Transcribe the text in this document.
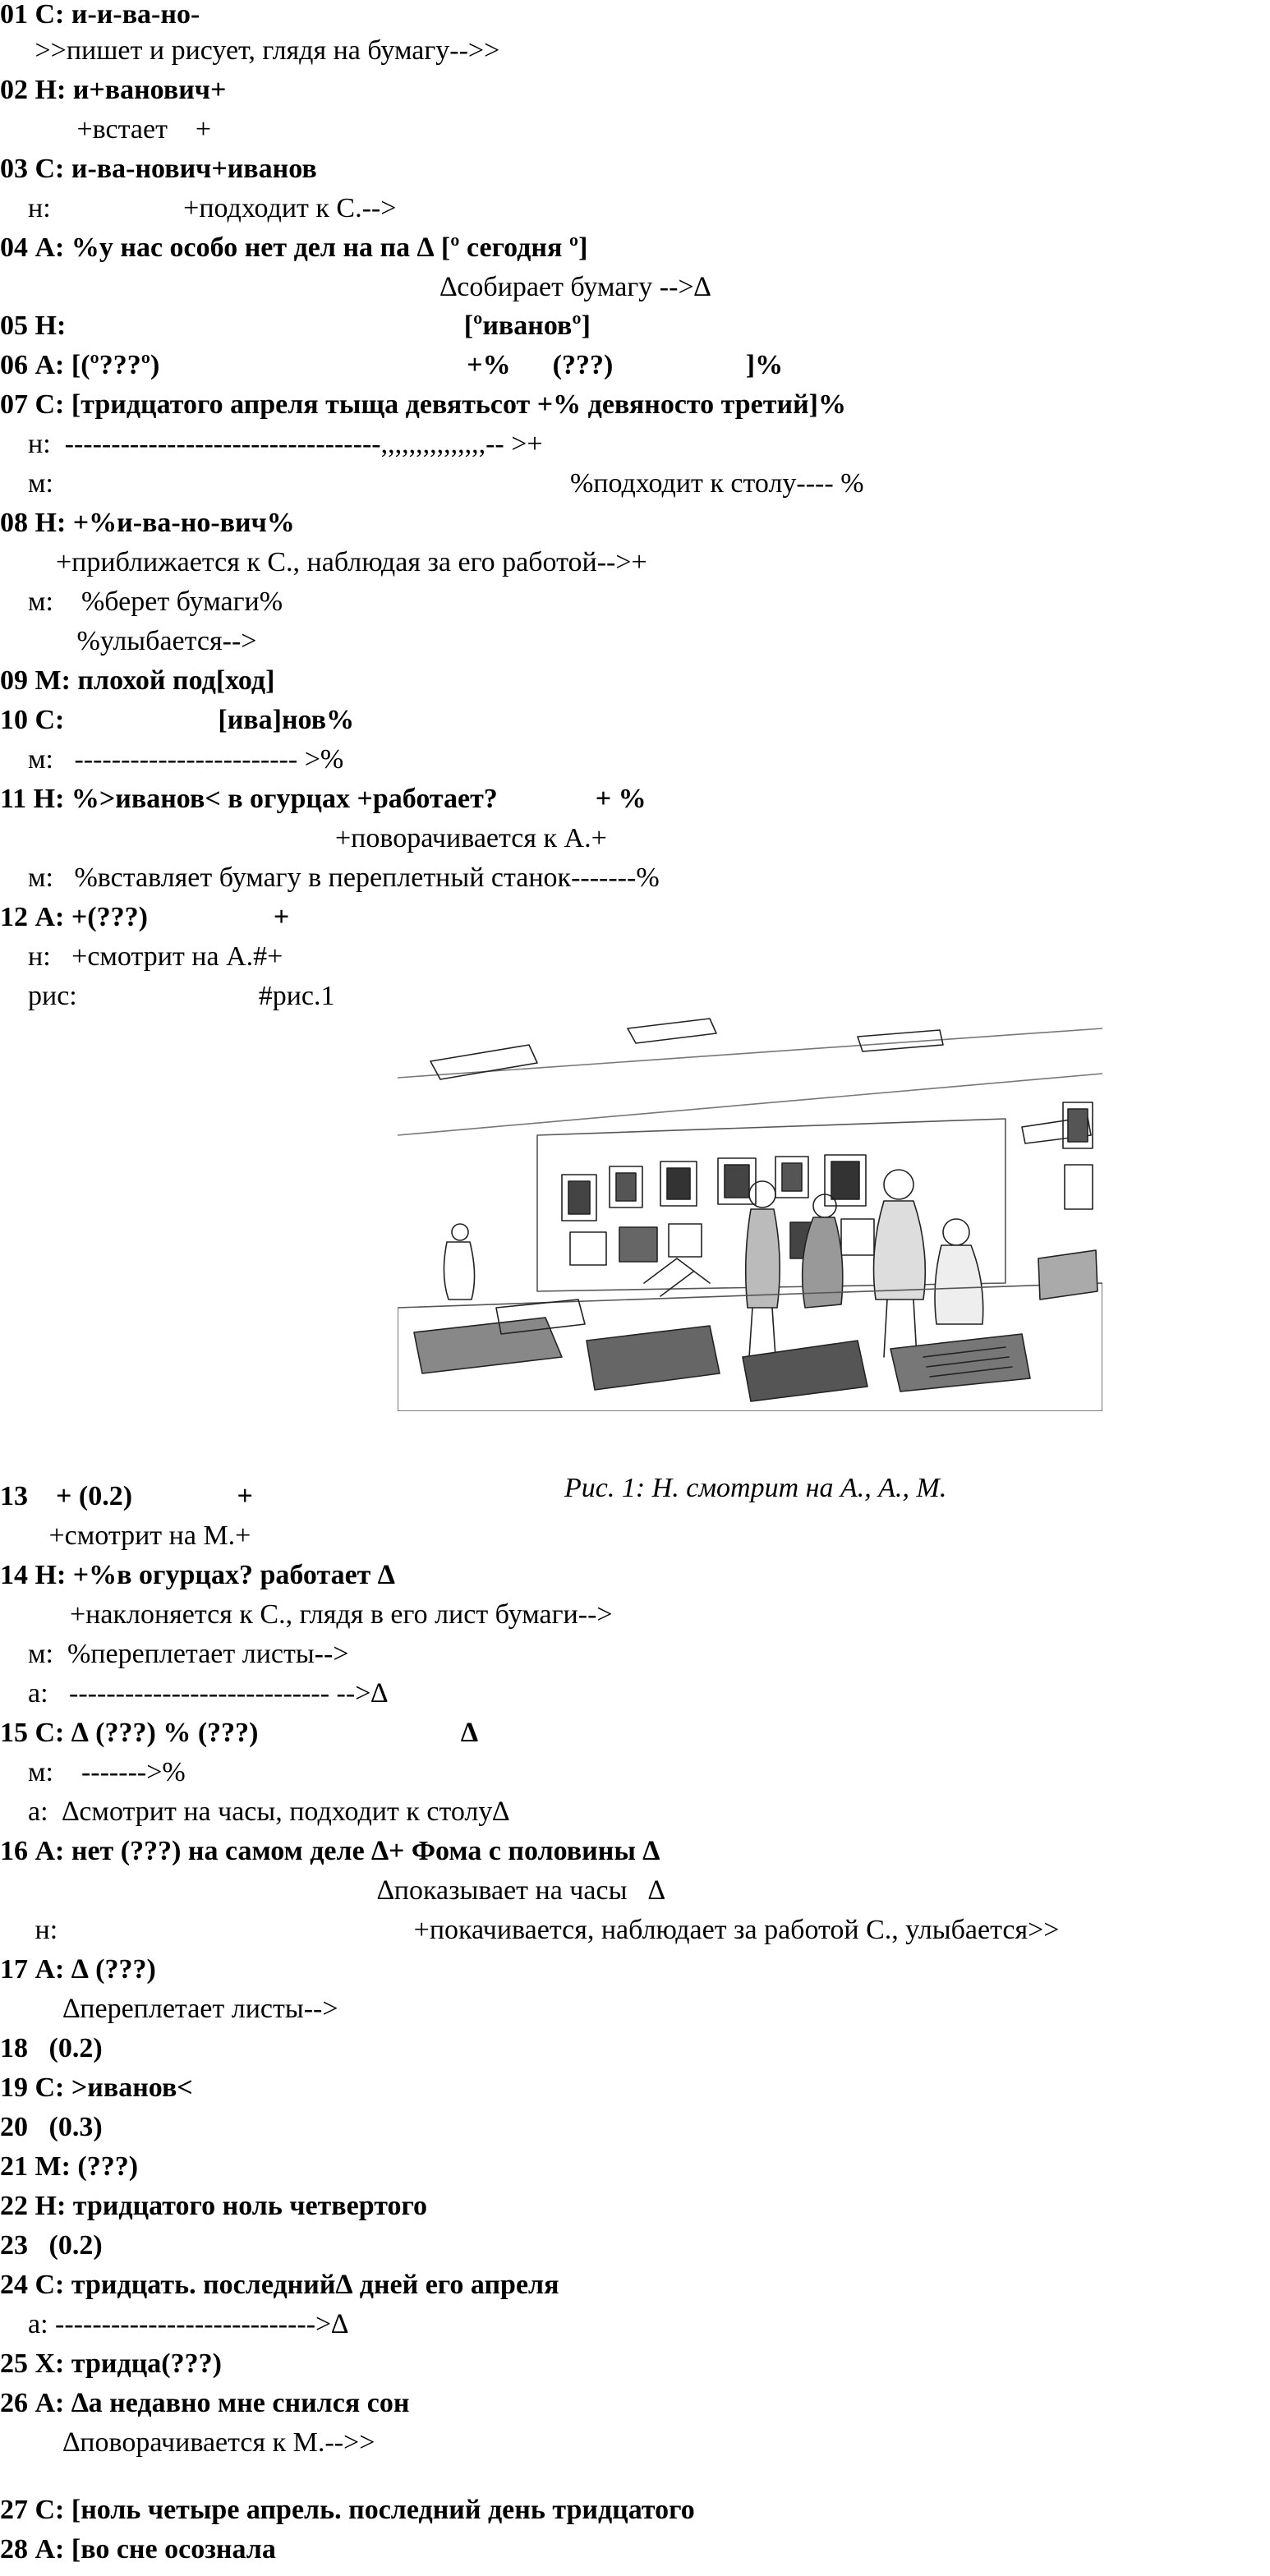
01 С: и-и-ва-но-
>>пишет и рисует, глядя на бумагу-->>
02 Н: и+ванович+
+встает    +
03 С: и-ва-нович+иванов
н:                   +подходит к С.-->
04 А: %у нас особо нет дел на па ∆ [º сегодня º]
∆собирает бумагу -->∆
05 Н:                                                         [ºивановº]
06 А: [(º???º)                                            +%      (???)                   ]%
07 С: [тридцатого апреля тыща девятьсот +% девяносто третий]%
н:  ----------------------------------,,,,,,,,,,,,,,,-- >+
м:                                                                          %подходит к столу---- %
08 Н: +%и-ва-но-вич%
+приближается к С., наблюдая за его работой-->+
м:    %берет бумаги%
%улыбается-->
09 М: плохой под[ход]
10 С:                      [ива]нов%
м:   ------------------------ >%
11 Н: %>иванов< в огурцах +работает?              + %
+поворачивается к А.+
м:   %вставляет бумагу в переплетный станок-------%
12 А: +(???)                  +
н:   +смотрит на А.#+
рис:                          #рис.1

Рис. 1: Н. смотрит на А., А., М.

13    + (0.2)               +
+смотрит на М.+
14 Н: +%в огурцах? работает ∆
+наклоняется к С., глядя в его лист бумаги-->
м:  %переплетает листы-->
а:   ---------------------------- -->∆
15 С: ∆ (???) % (???)                             ∆
м:    ------->%
а:  ∆смотрит на часы, подходит к столу∆
16 А: нет (???) на самом деле ∆+ Фома с половины ∆
∆показывает на часы   ∆
н:                                                   +покачивается, наблюдает за работой С., улыбается>>
17 А: ∆ (???)
∆переплетает листы-->
18   (0.2)
19 С: >иванов<
20   (0.3)
21 М: (???)
22 Н: тридцатого ноль четвертого
23   (0.2)
24 С: тридцать. последний∆ дней его апреля
а: ---------------------------->∆
25 Х: тридца(???)
26 А: ∆а недавно мне снился сон
∆поворачивается к М.-->>
27 С: [ноль четыре апрель. последний день тридцатого
28 А: [во сне осознала
